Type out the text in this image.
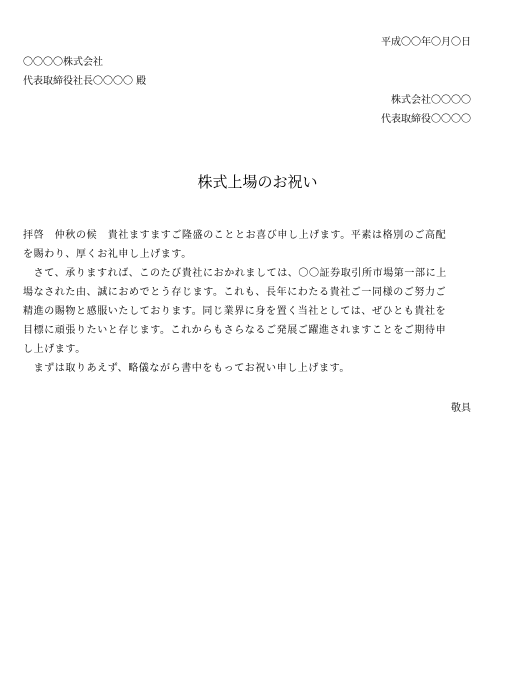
平成〇〇年〇月〇日
〇〇〇〇株式会社
代表取締役社長〇〇〇〇 殿
株式会社〇〇〇〇
代表取締役〇〇〇〇
株式上場のお祝い
拝啓　仲秋の候　貴社ますますご隆盛のこととお喜び申し上げます。平素は格別のご高配
を賜わり、厚くお礼申し上げます。
　さて、承りますれば、このたび貴社におかれましては、〇〇証券取引所市場第一部に上
場なされた由、誠におめでとう存じます。これも、長年にわたる貴社ご一同様のご努力ご
精進の賜物と感服いたしております。同じ業界に身を置く当社としては、ぜひとも貴社を
目標に頑張りたいと存じます。これからもさらなるご発展ご躍進されますことをご期待申
し上げます。
　まずは取りあえず、略儀ながら書中をもってお祝い申し上げます。
敬具
